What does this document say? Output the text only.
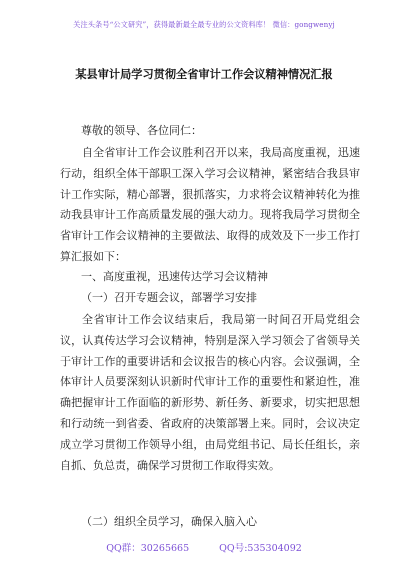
关注头条号“公文研究”，获得最新最全最专业的公文资料库！ 微信：gongwenyj
某县审计局学习贯彻全省审计工作会议精神情况汇报
尊敬的领导、各位同仁：

自全省审计工作会议胜利召开以来，我局高度重视，迅速行动，组织全体干部职工深入学习会议精神，紧密结合我县审计工作实际，精心部署，狠抓落实，力求将会议精神转化为推动我县审计工作高质量发展的强大动力。现将我局学习贯彻全省审计工作会议精神的主要做法、取得的成效及下一步工作打算汇报如下：

一、高度重视，迅速传达学习会议精神
（一）召开专题会议，部署学习安排

全省审计工作会议结束后，我局第一时间召开局党组会议，认真传达学习会议精神，特别是深入学习领会了省领导关于审计工作的重要讲话和会议报告的核心内容。会议强调，全体审计人员要深刻认识新时代审计工作的重要性和紧迫性，准确把握审计工作面临的新形势、新任务、新要求，切实把思想和行动统一到省委、省政府的决策部署上来。同时，会议决定成立学习贯彻工作领导小组，由局党组书记、局长任组长，亲自抓、负总责，确保学习贯彻工作取得实效。

（二）组织全员学习，确保入脑入心
QQ群：30265665	QQ号:535304092
